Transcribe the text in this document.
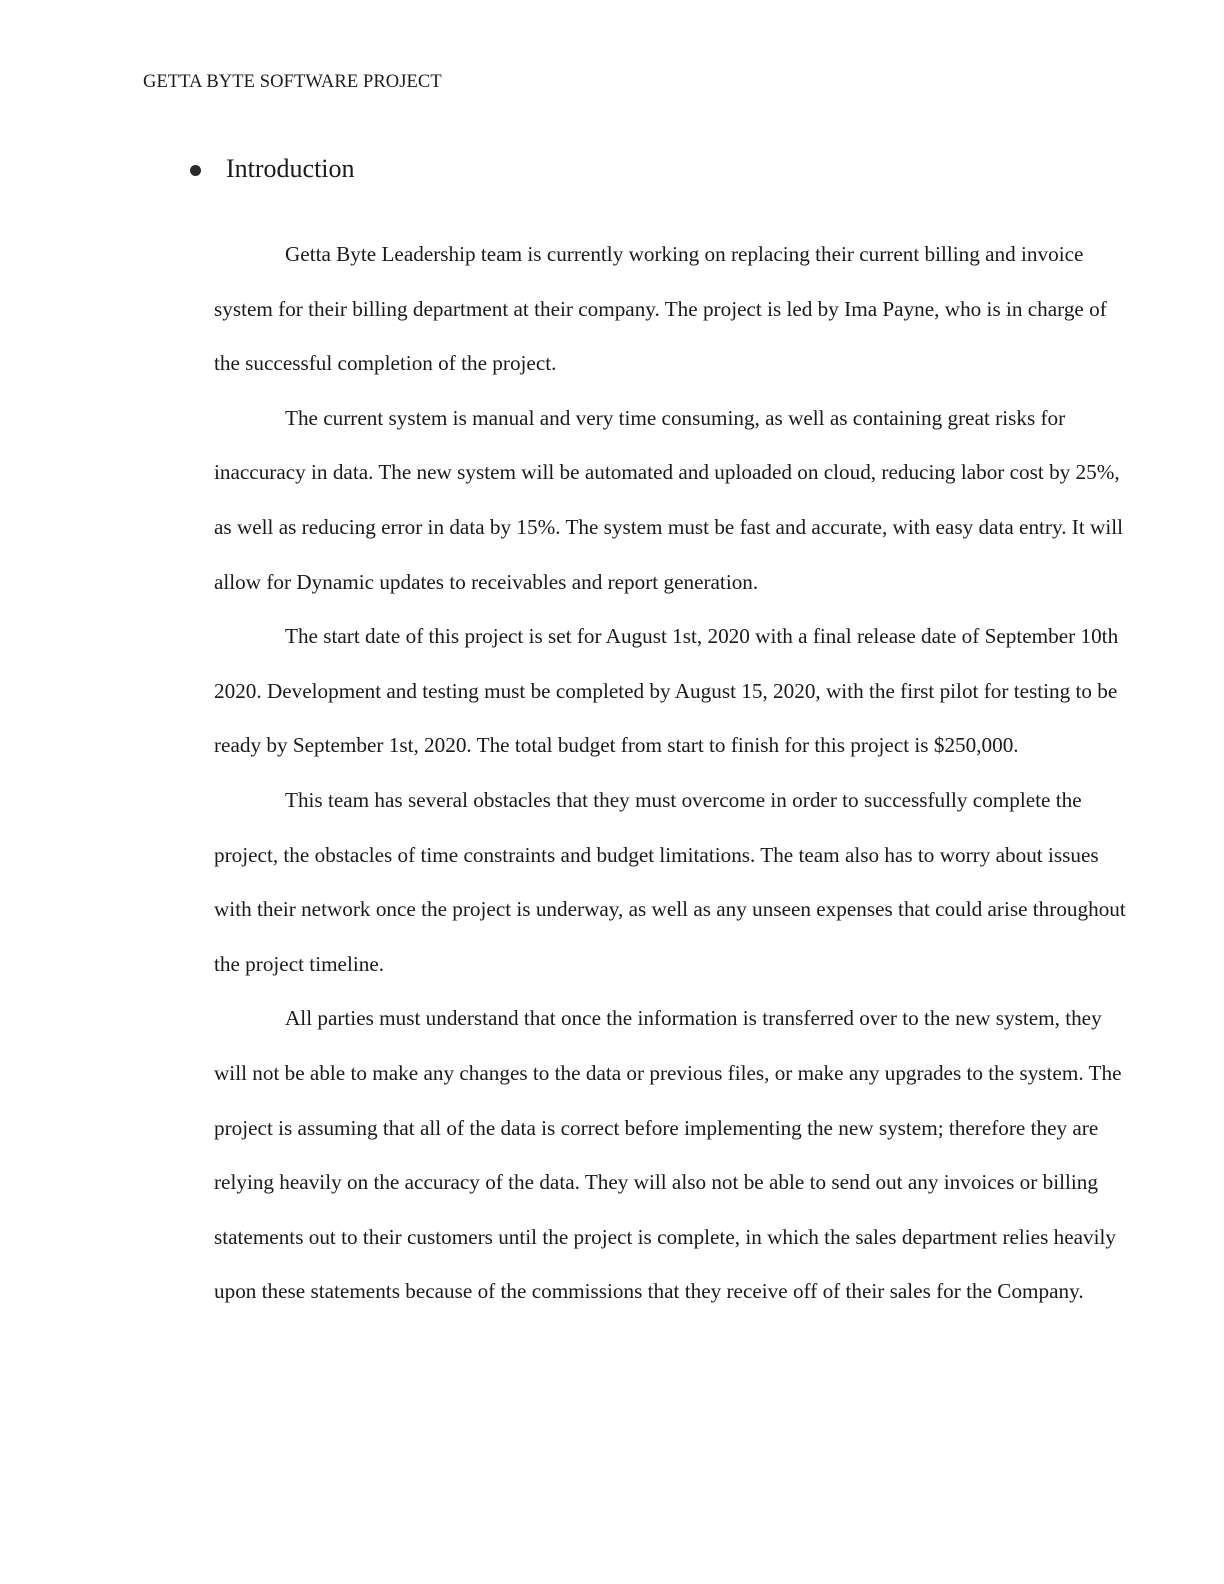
GETTA BYTE SOFTWARE PROJECT
Introduction

Getta Byte Leadership team is currently working on replacing their current billing and invoice system for their billing department at their company. The project is led by Ima Payne, who is in charge of the successful completion of the project.

The current system is manual and very time consuming, as well as containing great risks for inaccuracy in data. The new system will be automated and uploaded on cloud, reducing labor cost by 25%, as well as reducing error in data by 15%. The system must be fast and accurate, with easy data entry. It will allow for Dynamic updates to receivables and report generation.

The start date of this project is set for August 1st, 2020 with a final release date of September 10th 2020. Development and testing must be completed by August 15, 2020, with the first pilot for testing to be ready by September 1st, 2020. The total budget from start to finish for this project is $250,000.

This team has several obstacles that they must overcome in order to successfully complete the project, the obstacles of time constraints and budget limitations. The team also has to worry about issues with their network once the project is underway, as well as any unseen expenses that could arise throughout the project timeline.

All parties must understand that once the information is transferred over to the new system, they will not be able to make any changes to the data or previous files, or make any upgrades to the system. The project is assuming that all of the data is correct before implementing the new system; therefore they are relying heavily on the accuracy of the data. They will also not be able to send out any invoices or billing statements out to their customers until the project is complete, in which the sales department relies heavily upon these statements because of the commissions that they receive off of their sales for the Company.
